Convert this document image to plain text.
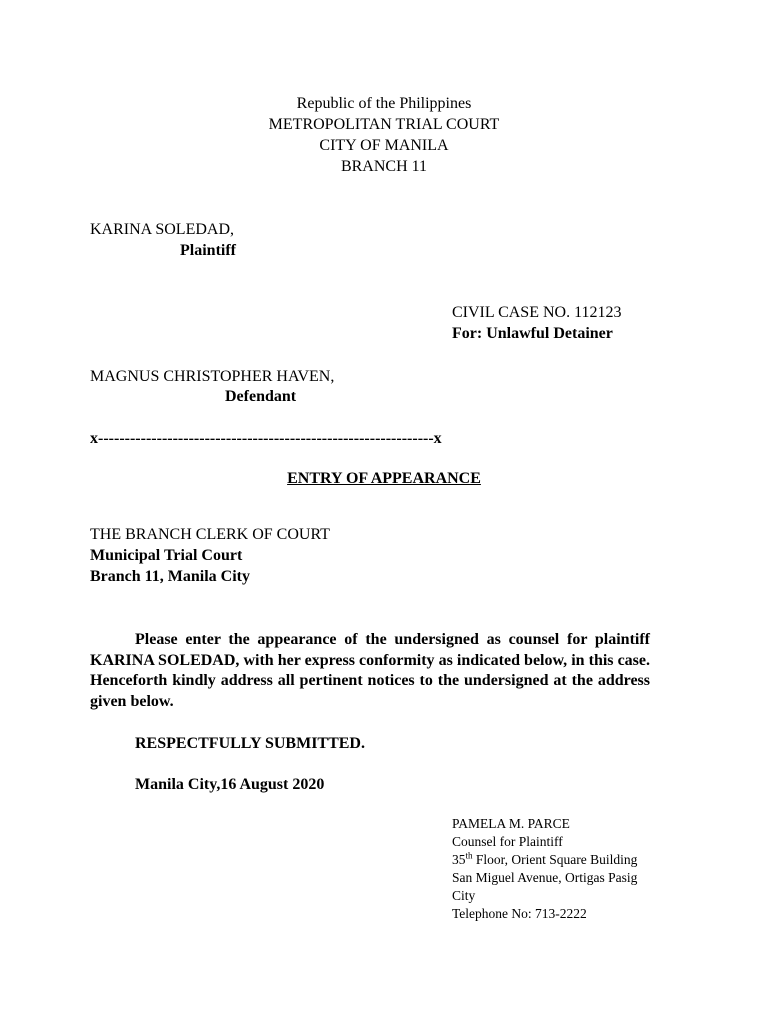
Republic of the Philippines
METROPOLITAN TRIAL COURT
CITY OF MANILA
BRANCH 11
KARINA SOLEDAD,
Plaintiff
CIVIL CASE NO. 112123
For: Unlawful Detainer
MAGNUS CHRISTOPHER HAVEN,
Defendant
x---------------------------------------------------------------x
ENTRY OF APPEARANCE
THE BRANCH CLERK OF COURT
Municipal Trial Court
Branch 11, Manila City
Please enter the appearance of the undersigned as counsel for plaintiff KARINA SOLEDAD, with her express conformity as indicated below, in this case. Henceforth kindly address all pertinent notices to the undersigned at the address given below.
RESPECTFULLY SUBMITTED.
Manila City,16 August 2020
PAMELA M. PARCE
Counsel for Plaintiff
35th Floor, Orient Square Building
San Miguel Avenue, Ortigas Pasig
City
Telephone No: 713-2222
